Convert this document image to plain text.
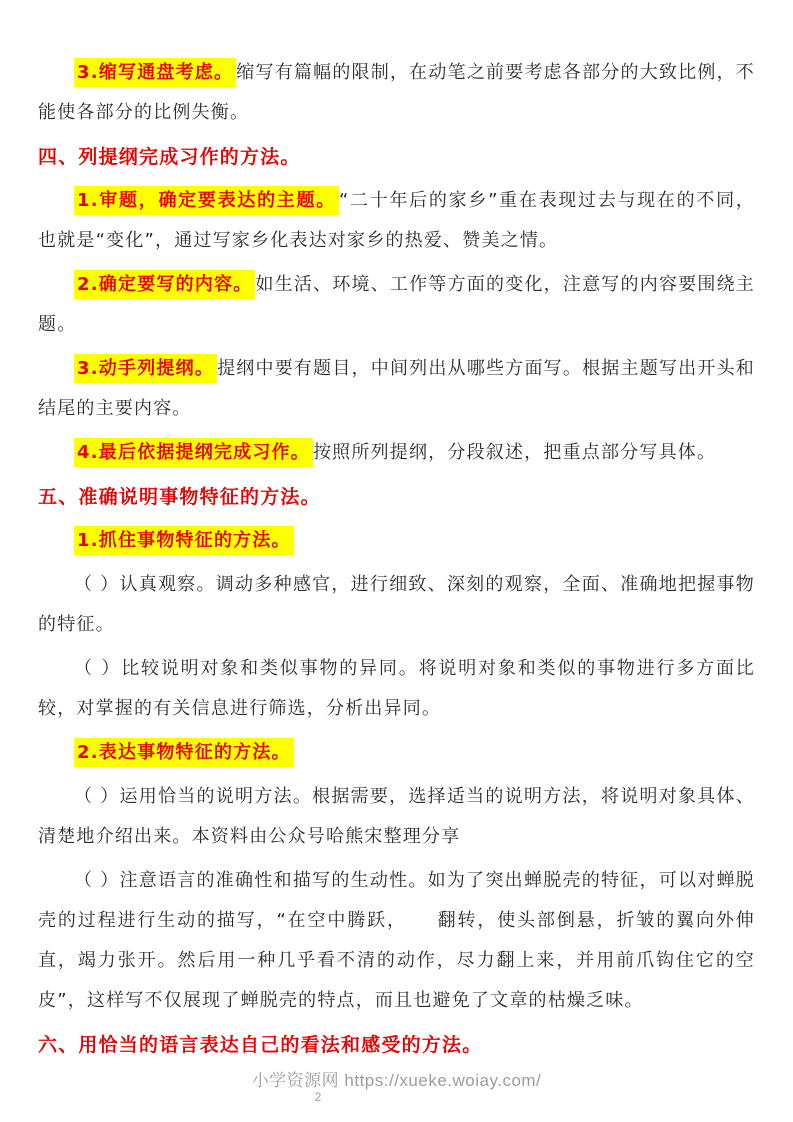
3.缩写通盘考虑。 缩写有篇幅的限制，在动笔之前要考虑各部分的大致比例，不能使各部分的比例失衡。

四、列提纲完成习作的方法。

1.审题，确定要表达的主题。 “二十年后的家乡”重在表现过去与现在的不同，也就是“变化”，通过写家乡化表达对家乡的热爱、赞美之情。

2.确定要写的内容。 如生活、环境、工作等方面的变化，注意写的内容要围绕主题。

3.动手列提纲。 提纲中要有题目，中间列出从哪些方面写。根据主题写出开头和结尾的主要内容。

4.最后依据提纲完成习作。 按照所列提纲，分段叙述，把重点部分写具体。

五、准确说明事物特征的方法。

1.抓住事物特征的方法。

（ ）认真观察。调动多种感官，进行细致、深刻的观察，全面、准确地把握事物的特征。

（ ）比较说明对象和类似事物的异同。将说明对象和类似的事物进行多方面比较，对掌握的有关信息进行筛选，分析出异同。

2.表达事物特征的方法。

（ ）运用恰当的说明方法。根据需要，选择适当的说明方法，将说明对象具体、清楚地介绍出来。本资料由公众号哈熊宋整理分享

（ ）注意语言的准确性和描写的生动性。如为了突出蝉脱壳的特征，可以对蝉脱壳的过程进行生动的描写，“在空中腾跃，　　翻转，使头部倒悬，折皱的翼向外伸直，竭力张开。然后用一种几乎看不清的动作，尽力翻上来，并用前爪钩住它的空皮”，这样写不仅展现了蝉脱壳的特点，而且也避免了文章的枯燥乏味。

六、用恰当的语言表达自己的看法和感受的方法。

小学资源网 https://xueke.woiay.com/
2
